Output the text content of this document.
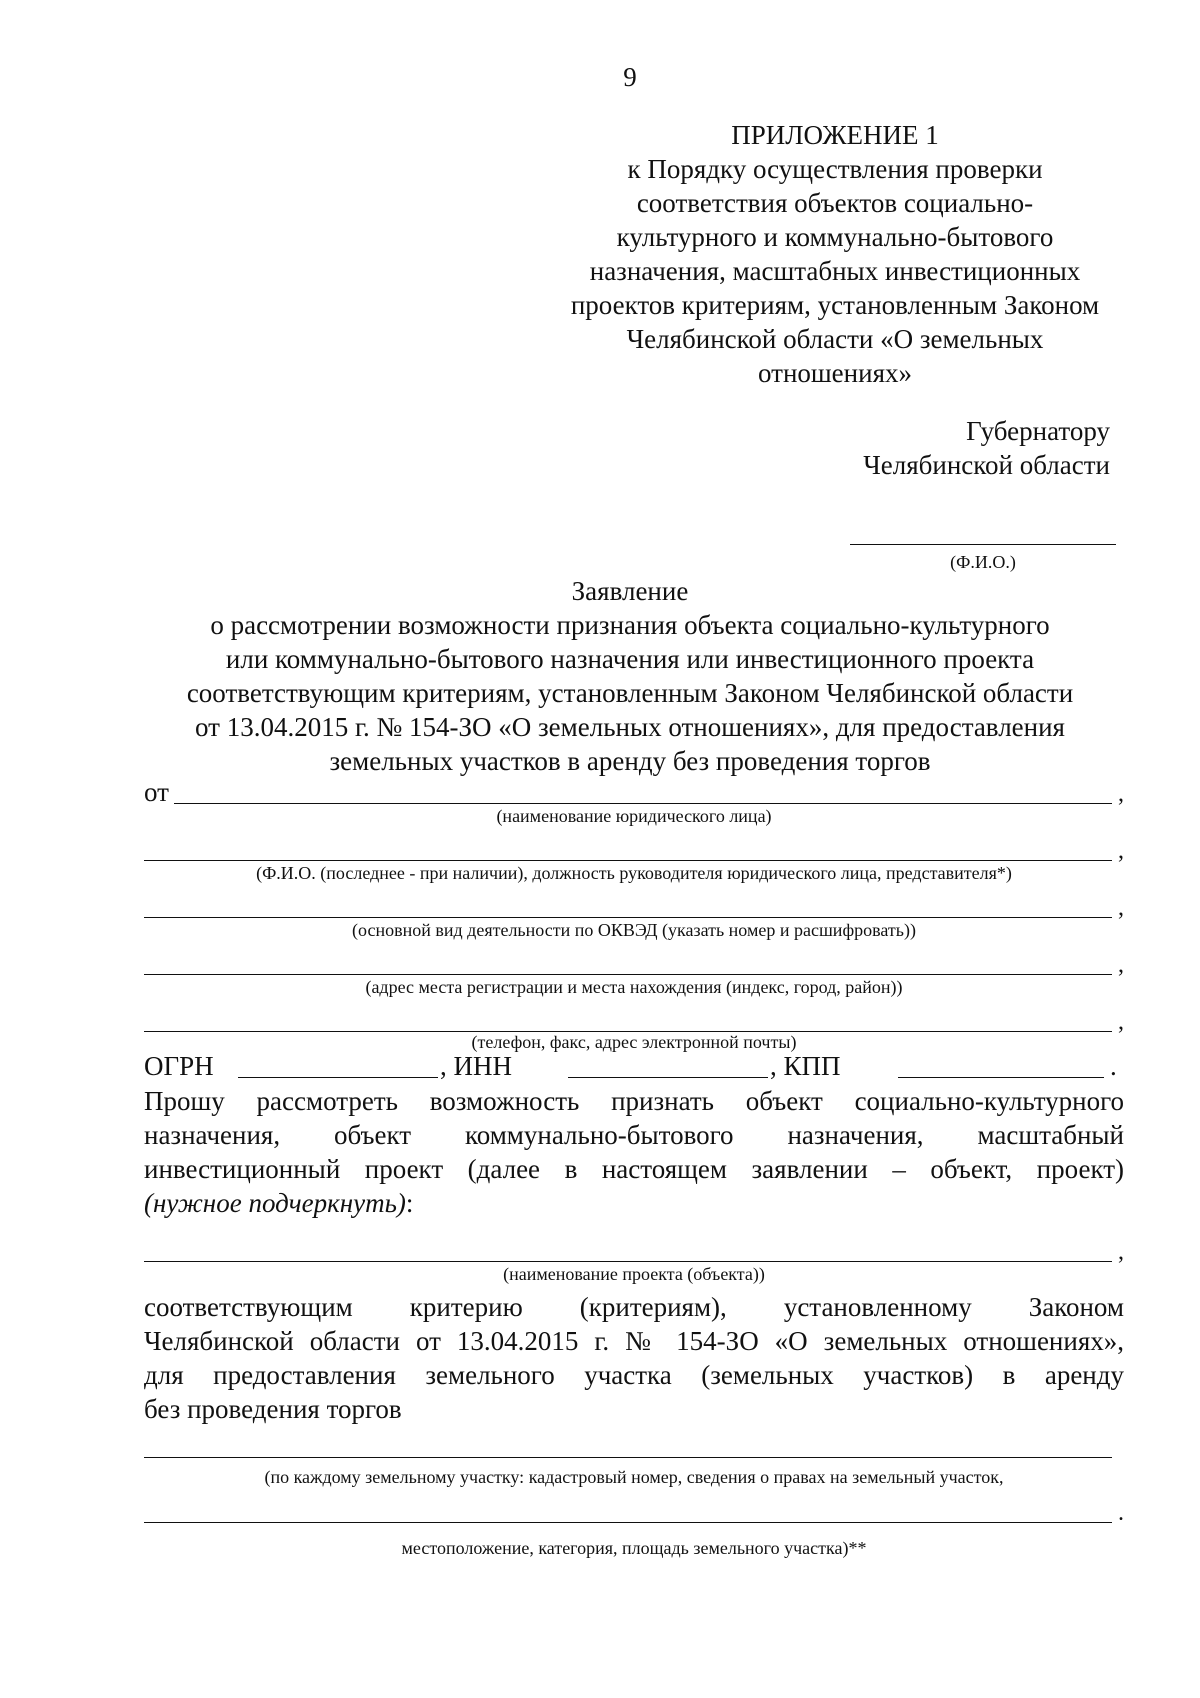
9
ПРИЛОЖЕНИЕ 1
к Порядку осуществления проверки
соответствия объектов социально-
культурного и коммунально-бытового
назначения, масштабных инвестиционных
проектов критериям, установленным Законом
Челябинской области «О земельных
отношениях»
Губернатору
Челябинской области
(Ф.И.О.)
Заявление
о рассмотрении возможности признания объекта социально-культурного
или коммунально-бытового назначения или инвестиционного проекта
соответствующим критериям, установленным Законом Челябинской области
от 13.04.2015 г. № 154-ЗО «О земельных отношениях», для предоставления
земельных участков в аренду без проведения торгов
от	,
(наименование юридического лица)
,
(Ф.И.О. (последнее - при наличии), должность руководителя юридического лица, представителя*)
,
(основной вид деятельности по ОКВЭД (указать номер и расшифровать))
,
(адрес места регистрации и места нахождения (индекс, город, район))
,
(телефон, факс, адрес электронной почты)
ОГРН	, ИНН	, КПП	.
Прошу рассмотреть возможность признать объект социально-культурного
назначения, объект коммунально-бытового назначения, масштабный
инвестиционный проект (далее в настоящем заявлении – объект, проект)
(нужное подчеркнуть):
,
(наименование проекта (объекта))
соответствующим критерию (критериям), установленному Законом
Челябинской области от 13.04.2015 г. № 154-ЗО «О земельных отношениях»,
для предоставления земельного участка (земельных участков) в аренду
без проведения торгов
(по каждому земельному участку: кадастровый номер, сведения о правах на земельный участок,
.
местоположение, категория, площадь земельного участка)**
